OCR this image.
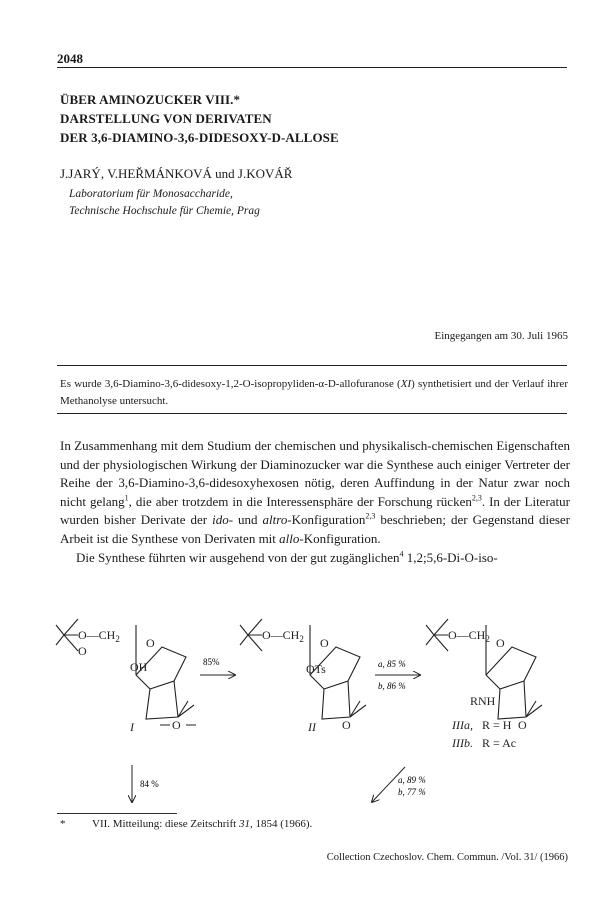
2048
ÜBER AMINOZUCKER VIII.*
DARSTELLUNG VON DERIVATEN
DER 3,6-DIAMINO-3,6-DIDESOXY-D-ALLOSE
J.JARÝ, V.HEŘMÁNKOVÁ und J.KOVÁŘ
Laboratorium für Monosaccharide,
Technische Hochschule für Chemie, Prag
Eingegangen am 30. Juli 1965
Es wurde 3,6-Diamino-3,6-didesoxy-1,2-O-isopropyliden-α-D-allofuranose (XI) synthetisiert und der Verlauf ihrer Methanolyse untersucht.

In Zusammenhang mit dem Studium der chemischen und physikalisch-chemischen Eigenschaften und der physiologischen Wirkung der Diaminozucker war die Synthese auch einiger Vertreter der Reihe der 3,6-Diamino-3,6-didesoxyhexosen nötig, deren Auffindung in der Natur zwar noch nicht gelang$^1$, die aber trotzdem in die Interessensphäre der Forschung rücken$^{2,3}$. In der Literatur wurden bisher Derivate der ido- und altro-Konfiguration$^{2,3}$ beschrieben; der Gegenstand dieser Arbeit ist die Synthese von Derivaten mit allo-Konfiguration.

Die Synthese führten wir ausgehend von der gut zugänglichen$^4$ 1,2;5,6-Di-O-iso-

$O—CH_2$
O
O
OH
O
I
85%
$O—CH_2$ O
OTs
O
II
a, 85 %
b, 86 %
$O—CH_2$ O
RNH
O
IIIa, R = H
IIIb. R = Ac
84 %	a, 89 %
b, 77 %
* VII. Mitteilung: diese Zeitschrift 31, 1854 (1966).
Collection Czechoslov. Chem. Commun. /Vol. 31/ (1966)
